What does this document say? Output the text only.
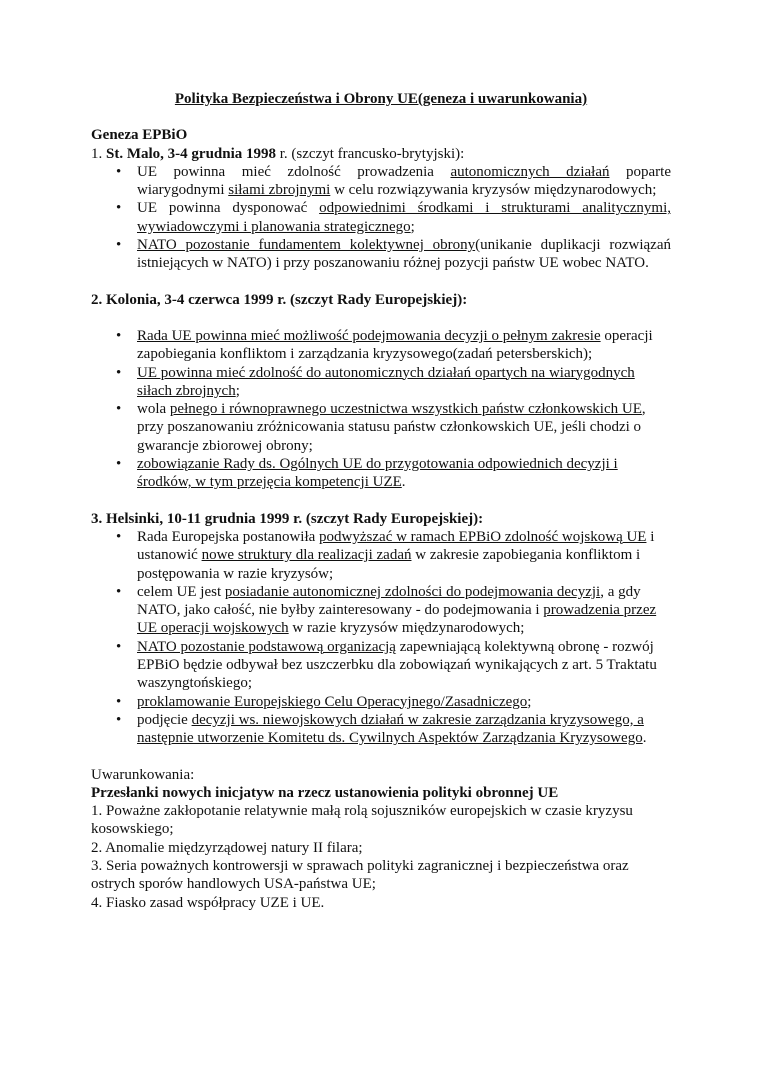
Polityka Bezpieczeństwa i Obrony UE(geneza i uwarunkowania)

Geneza EPBiO

1. St. Malo, 3-4 grudnia 1998 r. (szczyt francusko-brytyjski):

• UE powinna mieć zdolność prowadzenia autonomicznych działań poparte wiarygodnymi siłami zbrojnymi w celu rozwiązywania kryzysów międzynarodowych;
• UE powinna dysponować odpowiednimi środkami i strukturami analitycznymi, wywiadowczymi i planowania strategicznego;
• NATO pozostanie fundamentem kolektywnej obrony(unikanie duplikacji rozwiązań istniejących w NATO) i przy poszanowaniu różnej pozycji państw UE wobec NATO.

2. Kolonia, 3-4 czerwca 1999 r. (szczyt Rady Europejskiej):

• Rada UE powinna mieć możliwość podejmowania decyzji o pełnym zakresie operacji zapobiegania konfliktom i zarządzania kryzysowego(zadań petersberskich);
• UE powinna mieć zdolność do autonomicznych działań opartych na wiarygodnych siłach zbrojnych;
• wola pełnego i równoprawnego uczestnictwa wszystkich państw członkowskich UE, przy poszanowaniu zróżnicowania statusu państw członkowskich UE, jeśli chodzi o gwarancje zbiorowej obrony;
• zobowiązanie Rady ds. Ogólnych UE do przygotowania odpowiednich decyzji i środków, w tym przejęcia kompetencji UZE.

3. Helsinki, 10-11 grudnia 1999 r. (szczyt Rady Europejskiej):

• Rada Europejska postanowiła podwyższać w ramach EPBiO zdolność wojskową UE i ustanowić nowe struktury dla realizacji zadań w zakresie zapobiegania konfliktom i postępowania w razie kryzysów;
• celem UE jest posiadanie autonomicznej zdolności do podejmowania decyzji, a gdy NATO, jako całość, nie byłby zainteresowany - do podejmowania i prowadzenia przez UE operacji wojskowych w razie kryzysów międzynarodowych;
• NATO pozostanie podstawową organizacją zapewniającą kolektywną obronę - rozwój EPBiO będzie odbywał bez uszczerbku dla zobowiązań wynikających z art. 5 Traktatu waszyngtońskiego;
• proklamowanie Europejskiego Celu Operacyjnego/Zasadniczego;
• podjęcie decyzji ws. niewojskowych działań w zakresie zarządzania kryzysowego, a następnie utworzenie Komitetu ds. Cywilnych Aspektów Zarządzania Kryzysowego.

Uwarunkowania:

Przesłanki nowych inicjatyw na rzecz ustanowienia polityki obronnej UE

1. Poważne zakłopotanie relatywnie małą rolą sojuszników europejskich w czasie kryzysu kosowskiego;

2. Anomalie międzyrządowej natury II filara;

3. Seria poważnych kontrowersji w sprawach polityki zagranicznej i bezpieczeństwa oraz ostrych sporów handlowych USA-państwa UE;

4. Fiasko zasad współpracy UZE i UE.
